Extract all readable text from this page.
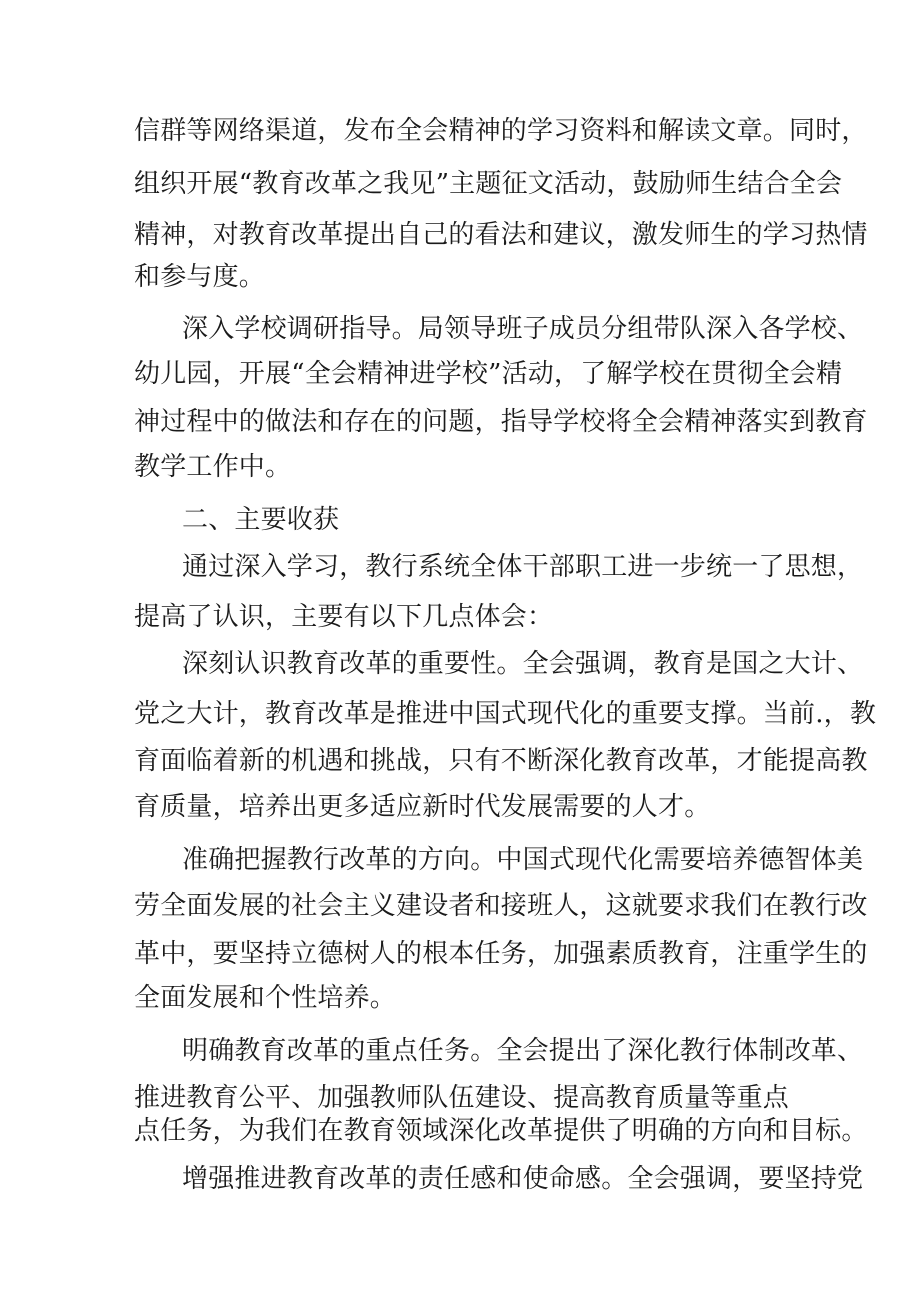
信群等网络渠道，发布全会精神的学习资料和解读文章。同时，
组织开展“教育改革之我见”主题征文活动，鼓励师生结合全会
精神，对教育改革提出自己的看法和建议，激发师生的学习热情
和参与度。
深入学校调研指导。局领导班子成员分组带队深入各学校、
幼儿园，开展“全会精神进学校”活动，了解学校在贯彻全会精
神过程中的做法和存在的问题，指导学校将全会精神落实到教育
教学工作中。
二、主要收获
通过深入学习，教行系统全体干部职工进一步统一了思想，
提高了认识，主要有以下几点体会：
深刻认识教育改革的重要性。全会强调，教育是国之大计、
党之大计，教育改革是推进中国式现代化的重要支撑。当前.，教
育面临着新的机遇和挑战，只有不断深化教育改革，才能提高教
育质量，培养出更多适应新时代发展需要的人才。
准确把握教行改革的方向。中国式现代化需要培养德智体美
劳全面发展的社会主义建设者和接班人，这就要求我们在教行改
革中，要坚持立德树人的根本任务，加强素质教育，注重学生的
全面发展和个性培养。
明确教育改革的重点任务。全会提出了深化教行体制改革、
推进教育公平、加强教师队伍建设、提高教育质量等重点
点任务，为我们在教育领域深化改革提供了明确的方向和目标。
增强推进教育改革的责任感和使命感。全会强调，要坚持党
